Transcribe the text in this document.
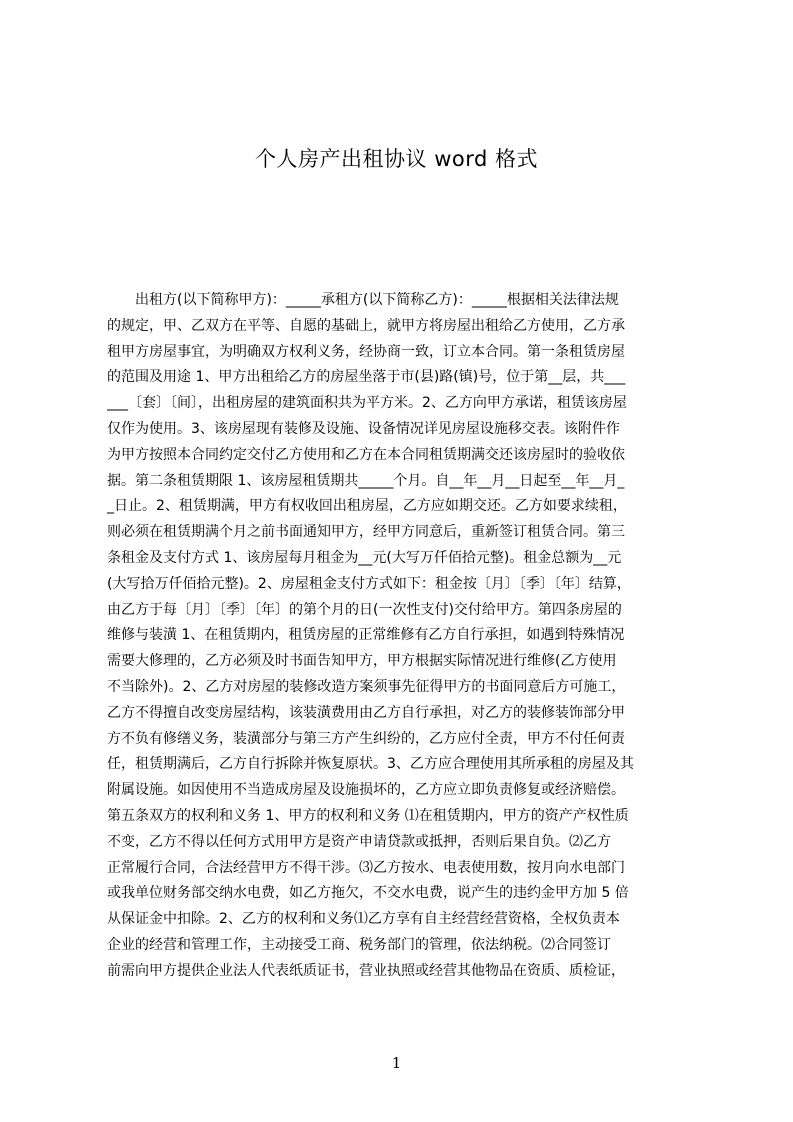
个人房产出租协议 word 格式
　　出租方(以下简称甲方)：_____承租方(以下简称乙方)：_____根据相关法律法规
的规定，甲、乙双方在平等、自愿的基础上，就甲方将房屋出租给乙方使用，乙方承
租甲方房屋事宜，为明确双方权利义务，经协商一致，订立本合同。第一条租赁房屋
的范围及用途 1、甲方出租给乙方的房屋坐落于市(县)路(镇)号，位于第__层，共___
___〔套〕〔间〕，出租房屋的建筑面积共为平方米。2、乙方向甲方承诺，租赁该房屋
仅作为使用。3、该房屋现有装修及设施、设备情况详见房屋设施移交表。该附件作
为甲方按照本合同约定交付乙方使用和乙方在本合同租赁期满交还该房屋时的验收依
据。第二条租赁期限 1、该房屋租赁期共_____个月。自__年__月__日起至__年__月_
_日止。2、租赁期满，甲方有权收回出租房屋，乙方应如期交还。乙方如要求续租，
则必须在租赁期满个月之前书面通知甲方，经甲方同意后，重新签订租赁合同。第三
条租金及支付方式 1、该房屋每月租金为__元(大写万仟佰拾元整)。租金总额为__元
(大写拾万仟佰拾元整)。2、房屋租金支付方式如下：租金按〔月〕〔季〕〔年〕结算，
由乙方于每〔月〕〔季〕〔年〕的第个月的日(一次性支付)交付给甲方。第四条房屋的
维修与装潢 1、在租赁期内，租赁房屋的正常维修有乙方自行承担，如遇到特殊情况
需要大修理的，乙方必须及时书面告知甲方，甲方根据实际情况进行维修(乙方使用
不当除外)。2、乙方对房屋的装修改造方案须事先征得甲方的书面同意后方可施工，
乙方不得擅自改变房屋结构，该装潢费用由乙方自行承担，对乙方的装修装饰部分甲
方不负有修缮义务，装潢部分与第三方产生纠纷的，乙方应付全责，甲方不付任何责
任，租赁期满后，乙方自行拆除并恢复原状。3、乙方应合理使用其所承租的房屋及其
附属设施。如因使用不当造成房屋及设施损坏的，乙方应立即负责修复或经济赔偿。
第五条双方的权利和义务 1、甲方的权利和义务 ⑴在租赁期内，甲方的资产产权性质
不变，乙方不得以任何方式用甲方是资产申请贷款或抵押，否则后果自负。⑵乙方
正常履行合同，合法经营甲方不得干涉。⑶乙方按水、电表使用数，按月向水电部门
或我单位财务部交纳水电费，如乙方拖欠，不交水电费，说产生的违约金甲方加 5 倍
从保证金中扣除。2、乙方的权利和义务⑴乙方享有自主经营经营资格，全权负责本
企业的经营和管理工作，主动接受工商、税务部门的管理，依法纳税。⑵合同签订
前需向甲方提供企业法人代表纸质证书，营业执照或经营其他物品在资质、质检证，
1
